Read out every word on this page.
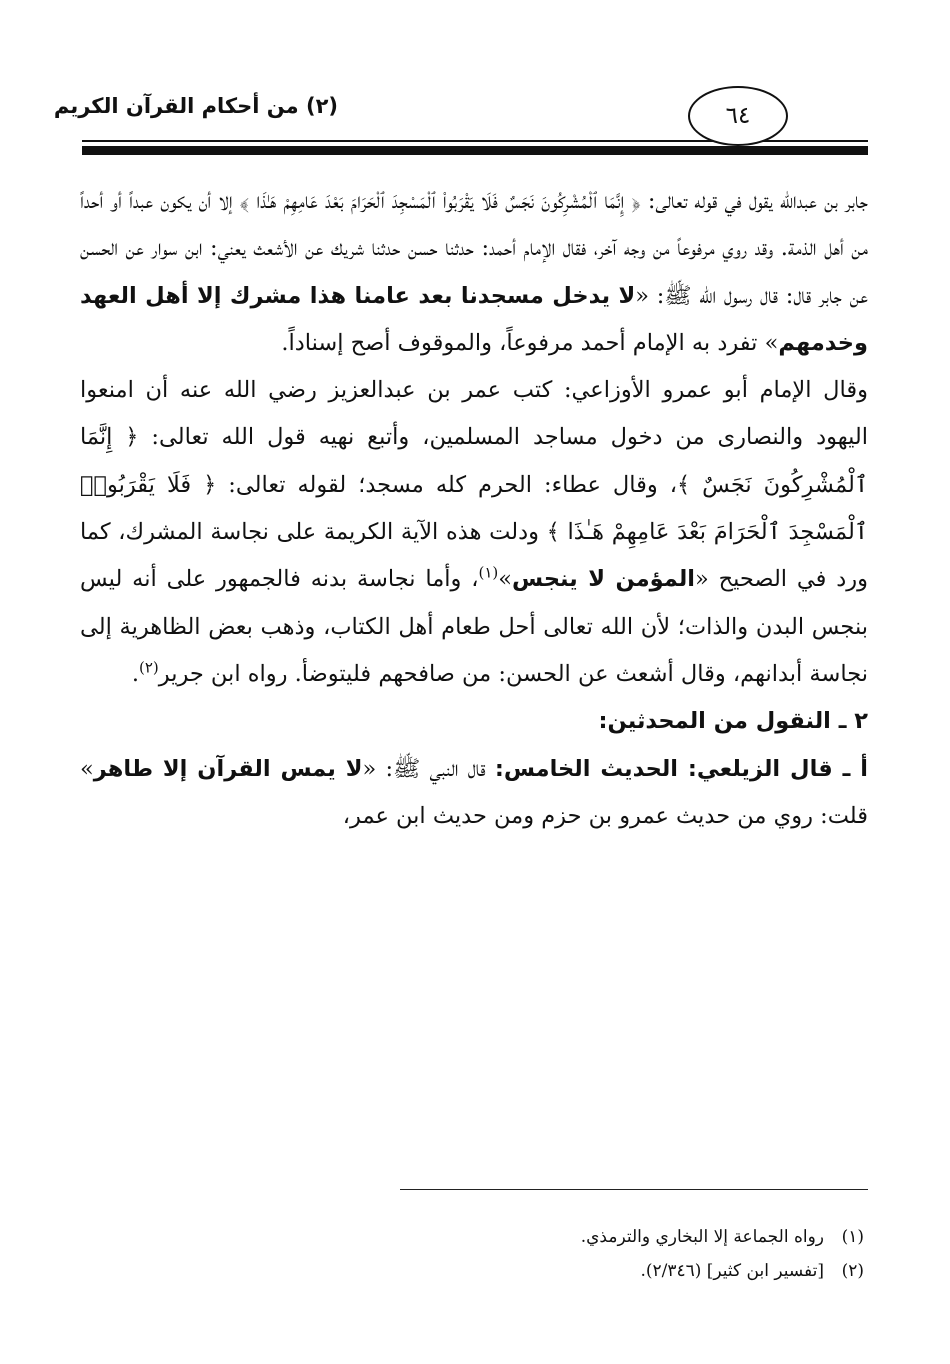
(٢) من أحكام القرآن الكريم	٦٤

جابر بن عبدالله يقول في قوله تعالى: ﴿ إِنَّمَا ٱلْمُشْرِكُونَ نَجَسٌ فَلَا يَقْرَبُوا۟ ٱلْمَسْجِدَ ٱلْحَرَامَ بَعْدَ عَامِهِمْ هَـٰذَا ﴾ إلا أن يكون عبداً أو أحداً من أهل الذمة. وقد روي مرفوعاً من وجه آخر، فقال الإمام أحمد: حدثنا حسن حدثنا شريك عن الأشعث يعني: ابن سوار عن الحسن عن جابر قال: قال رسول الله ﷺ: «لا يدخل مسجدنا بعد عامنا هذا مشرك إلا أهل العهد وخدمهم» تفرد به الإمام أحمد مرفوعاً، والموقوف أصح إسناداً.

وقال الإمام أبو عمرو الأوزاعي: كتب عمر بن عبدالعزيز رضي الله عنه أن امنعوا اليهود والنصارى من دخول مساجد المسلمين، وأتبع نهيه قول الله تعالى: ﴿ إِنَّمَا ٱلْمُشْرِكُونَ نَجَسٌ ﴾، وقال عطاء: الحرم كله مسجد؛ لقوله تعالى: ﴿ فَلَا يَقْرَبُوا۟ ٱلْمَسْجِدَ ٱلْحَرَامَ بَعْدَ عَامِهِمْ هَـٰذَا ﴾ ودلت هذه الآية الكريمة على نجاسة المشرك، كما ورد في الصحيح «المؤمن لا ينجس»$^{(١)}$، وأما نجاسة بدنه فالجمهور على أنه ليس بنجس البدن والذات؛ لأن الله تعالى أحل طعام أهل الكتاب، وذهب بعض الظاهرية إلى نجاسة أبدانهم، وقال أشعث عن الحسن: من صافحهم فليتوضأ. رواه ابن جرير$^{(٢)}$.

٢ ـ النقول من المحدثين:

أ ـ قال الزيلعي: الحديث الخامس: قال النبي ﷺ: «لا يمس القرآن إلا طاهر» قلت: روي من حديث عمرو بن حزم ومن حديث ابن عمر،

(١)رواه الجماعة إلا البخاري والترمذي.
(٢)[تفسير ابن كثير] (٢/٣٤٦).
